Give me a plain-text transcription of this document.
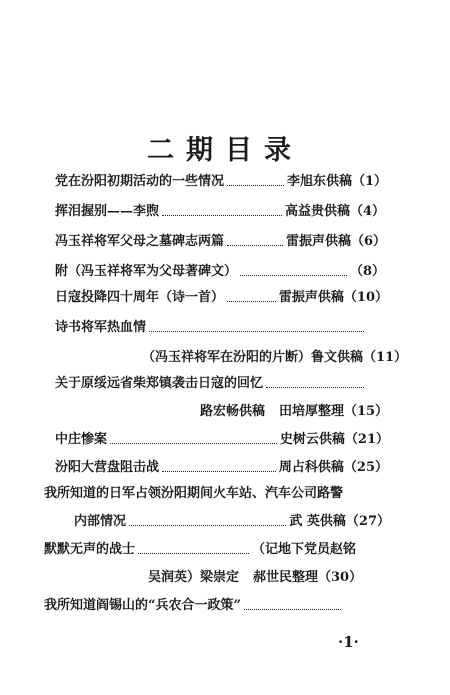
二期目录
党在汾阳初期活动的一些情况	李旭东供稿（1）
挥泪握别——李煦	高益贵供稿（4）
冯玉祥将军父母之墓碑志两篇	雷振声供稿（6）
附（冯玉祥将军为父母著碑文）	（8）
日寇投降四十周年（诗一首）	雷振声供稿（10）
诗书将军热血情
（冯玉祥将军在汾阳的片断） 鲁文供稿（11）
关于原绥远省柴郑镇袭击日寇的回忆
路宏畅供稿 田培厚整理（15）
中庄惨案	史树云供稿（21）
汾阳大营盘阻击战	周占科供稿（25）
我所知道的日军占领汾阳期间火车站、汽车公司路警
内部情况	武 英供稿（27）
默默无声的战士	（记地下党员赵铭
吴润英）梁崇定 郝世民整理（30）
我所知道阎锡山的“兵农合一政策”
·1·
